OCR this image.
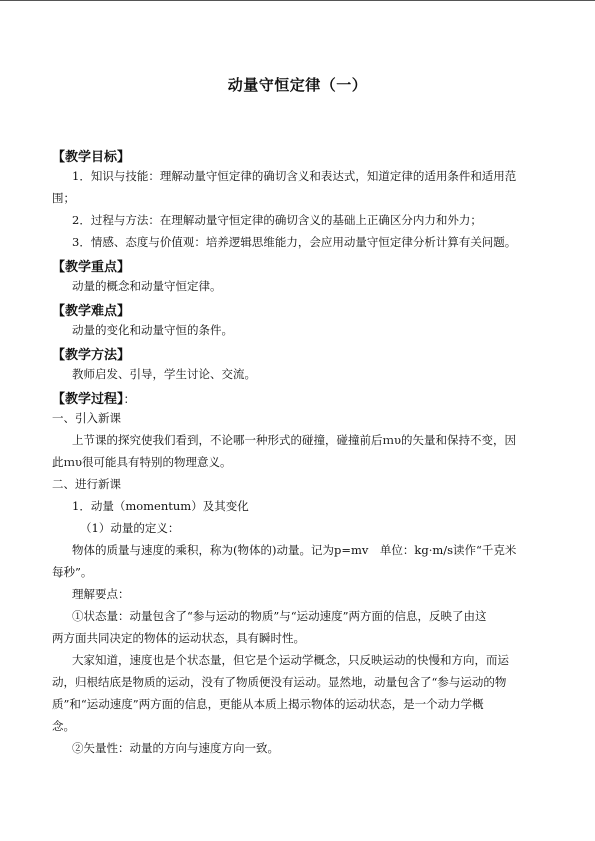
动量守恒定律（一）
【教学目标】
1．知识与技能：理解动量守恒定律的确切含义和表达式，知道定律的适用条件和适用范
围；
2．过程与方法：在理解动量守恒定律的确切含义的基础上正确区分内力和外力；
3．情感、态度与价值观：培养逻辑思维能力，会应用动量守恒定律分析计算有关问题。
【教学重点】
动量的概念和动量守恒定律。
【教学难点】
动量的变化和动量守恒的条件。
【教学方法】
教师启发、引导，学生讨论、交流。
【教学过程】：
一、引入新课
上节课的探究使我们看到，不论哪一种形式的碰撞，碰撞前后ｍυ的矢量和保持不变，因
此ｍυ很可能具有特别的物理意义。
二、进行新课
1．动量（momentum）及其变化
（1）动量的定义：
物体的质量与速度的乘积，称为(物体的)动量。记为p=mv　单位：kg·m/s读作“千克米
每秒”。
理解要点：
①状态量：动量包含了“参与运动的物质”与“运动速度”两方面的信息，反映了由这
两方面共同决定的物体的运动状态，具有瞬时性。
大家知道，速度也是个状态量，但它是个运动学概念，只反映运动的快慢和方向，而运
动，归根结底是物质的运动，没有了物质便没有运动。显然地，动量包含了“参与运动的物
质”和“运动速度”两方面的信息，更能从本质上揭示物体的运动状态，是一个动力学概
念。
②矢量性：动量的方向与速度方向一致。
